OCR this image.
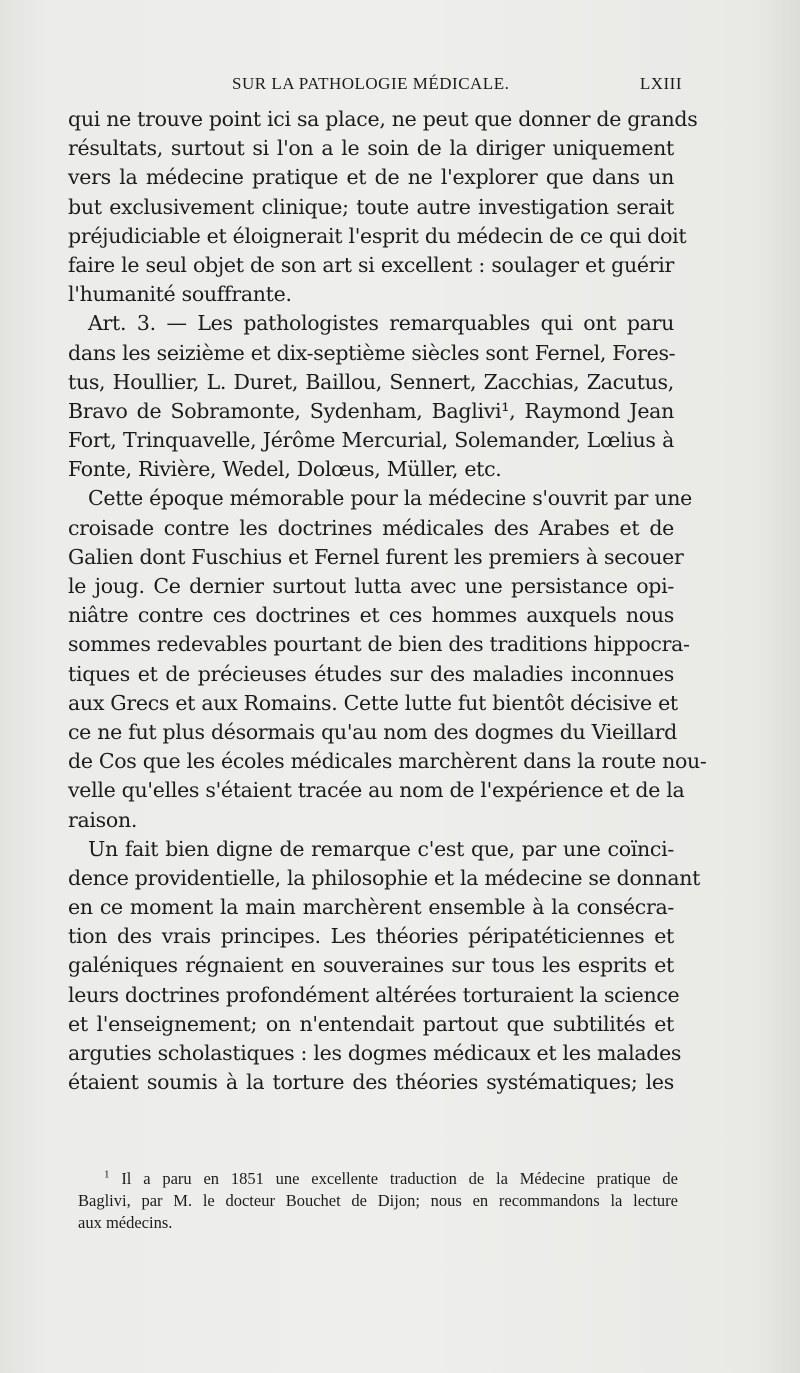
SUR LA PATHOLOGIE MÉDICALE.	LXIII
qui ne trouve point ici sa place, ne peut que donner de grands
résultats, surtout si l'on a le soin de la diriger uniquement
vers la médecine pratique et de ne l'explorer que dans un
but exclusivement clinique; toute autre investigation serait
préjudiciable et éloignerait l'esprit du médecin de ce qui doit
faire le seul objet de son art si excellent : soulager et guérir
l'humanité souffrante.
Art. 3. — Les pathologistes remarquables qui ont paru
dans les seizième et dix-septième siècles sont Fernel, Fores-
tus, Houllier, L. Duret, Baillou, Sennert, Zacchias, Zacutus,
Bravo de Sobramonte, Sydenham, Baglivi¹, Raymond Jean
Fort, Trinquavelle, Jérôme Mercurial, Solemander, Lœlius à
Fonte, Rivière, Wedel, Dolœus, Müller, etc.
Cette époque mémorable pour la médecine s'ouvrit par une
croisade contre les doctrines médicales des Arabes et de
Galien dont Fuschius et Fernel furent les premiers à secouer
le joug. Ce dernier surtout lutta avec une persistance opi-
niâtre contre ces doctrines et ces hommes auxquels nous
sommes redevables pourtant de bien des traditions hippocra-
tiques et de précieuses études sur des maladies inconnues
aux Grecs et aux Romains. Cette lutte fut bientôt décisive et
ce ne fut plus désormais qu'au nom des dogmes du Vieillard
de Cos que les écoles médicales marchèrent dans la route nou-
velle qu'elles s'étaient tracée au nom de l'expérience et de la
raison.
Un fait bien digne de remarque c'est que, par une coïnci-
dence providentielle, la philosophie et la médecine se donnant
en ce moment la main marchèrent ensemble à la consécra-
tion des vrais principes. Les théories péripatéticiennes et
galéniques régnaient en souveraines sur tous les esprits et
leurs doctrines profondément altérées torturaient la science
et l'enseignement; on n'entendait partout que subtilités et
arguties scholastiques : les dogmes médicaux et les malades
étaient soumis à la torture des théories systématiques; les
$^1$ Il a paru en 1851 une excellente traduction de la Médecine pratique de
Baglivi, par M. le docteur Bouchet de Dijon; nous en recommandons la lecture
aux médecins.
